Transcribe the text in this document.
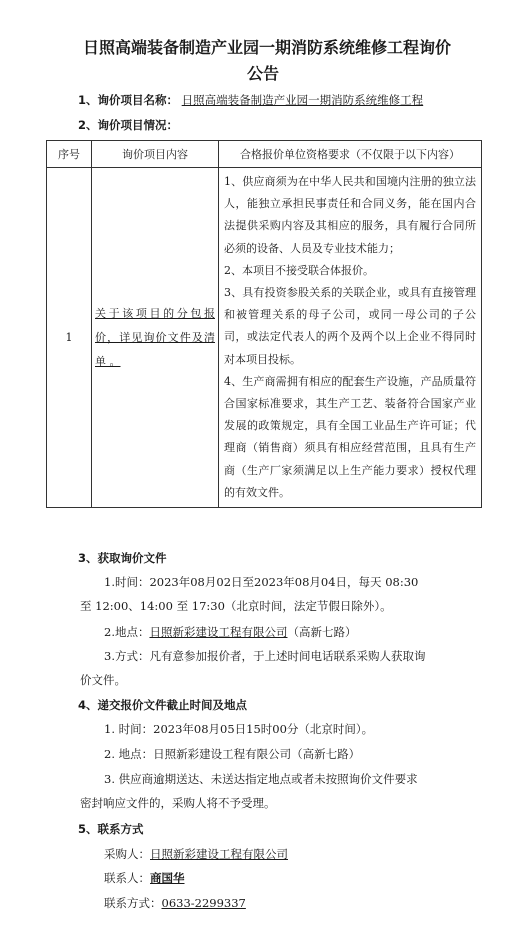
日照高端装备制造产业园一期消防系统维修工程询价
公告
1、询价项目名称： 日照高端装备制造产业园一期消防系统维修工程
2、询价项目情况：
序号	询价项目内容	合格报价单位资格要求（不仅限于以下内容）
1	关于该项目的分包报价，详见询价文件及清单 。	1、供应商须为在中华人民共和国境内注册的独立法人，能独立承担民事责任和合同义务，能在国内合法提供采购内容及其相应的服务，具有履行合同所必须的设备、人员及专业技术能力；

2、本项目不接受联合体报价。

3、具有投资参股关系的关联企业，或具有直接管理和被管理关系的母子公司，或同一母公司的子公司，或法定代表人的两个及两个以上企业不得同时对本项目投标。

4、生产商需拥有相应的配套生产设施，产品质量符合国家标准要求，其生产工艺、装备符合国家产业发展的政策规定，具有全国工业品生产许可证；代理商（销售商）须具有相应经营范围，且具有生产商（生产厂家须满足以上生产能力要求）授权代理的有效文件。

3、获取询价文件
1.时间：2023年08月02日至2023年08月04日，每天 08:30
至 12:00、14:00 至 17:30（北京时间，法定节假日除外）。
2.地点：日照新彩建设工程有限公司（高新七路）
3.方式：凡有意参加报价者，于上述时间电话联系采购人获取询
价文件。
4、递交报价文件截止时间及地点
1. 时间：2023年08月05日15时00分（北京时间）。
2. 地点：日照新彩建设工程有限公司（高新七路）
3. 供应商逾期送达、未送达指定地点或者未按照询价文件要求
密封响应文件的，采购人将不予受理。
5、联系方式
采购人：日照新彩建设工程有限公司
联系人：商国华
联系方式：0633-2299337
